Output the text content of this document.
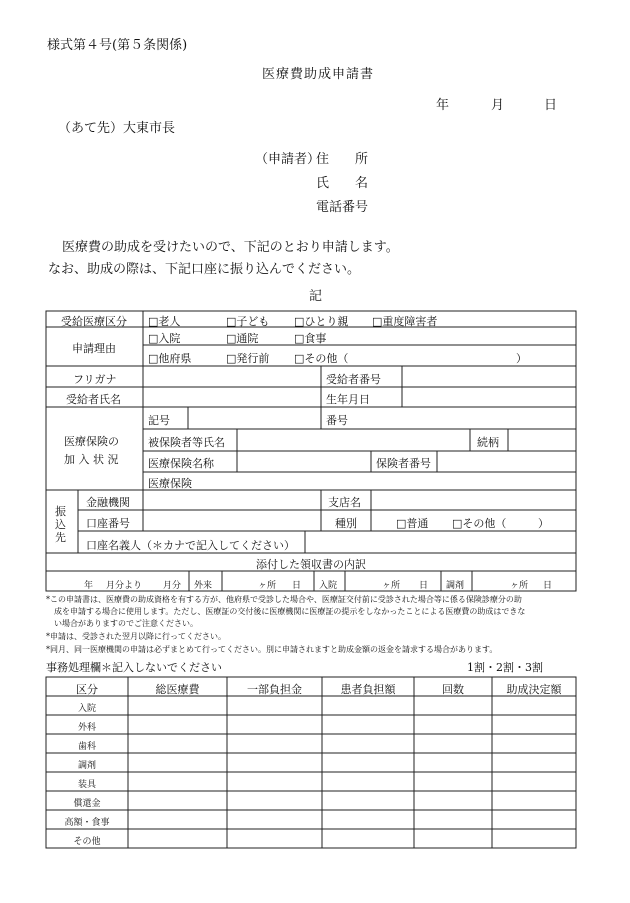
様式第４号(第５条関係)
医療費助成申請書
年	月	日
（あて先）大東市長
（申請者）
住　　所
氏　　名
電話番号
医療費の助成を受けたいので、下記のとおり申請します。
なお、助成の際は、下記口座に振り込んでください。
記
受給医療区分	□ 老人	□ 子ども	□ ひとり親	□ 重度障害者
申請理由
□ 入院	□ 通院	□ 食事
□ 他府県	□ 発行前	□ その他（	）
フリガナ	受給者番号
受給者氏名	生年月日
医療保険の
加 入 状 況
記号	番号
被保険者等氏名	続柄
医療保険名称	保険者番号
医療保険
振
込
先
金融機関	支店名
口座番号	種別	□ 普通	□ その他（	）
口座名義人（＊カナで記入してください）
添付した領収書の内訳
年 月分より 月分 外来	ヶ所 日 入院	ヶ所 日 調剤	ヶ所 日
*この申請書は、医療費の助成資格を有する方が、他府県で受診した場合や、医療証交付前に受診された場合等に係る保険診療分の助
　成を申請する場合に使用します。ただし、医療証の交付後に医療機関に医療証の提示をしなかったことによる医療費の助成はできな
　い場合がありますのでご注意ください。
*申請は、受診された翌月以降に行ってください。
*同月、同一医療機関の申請は必ずまとめて行ってください。別に申請されますと助成金額の返金を請求する場合があります。
事務処理欄＊記入しないでください	1割・2割・3割
区分	総医療費	一部負担金	患者負担額	回数	助成決定額
入院
外科
歯科
調剤
装具
償還金
高額・食事
その他
